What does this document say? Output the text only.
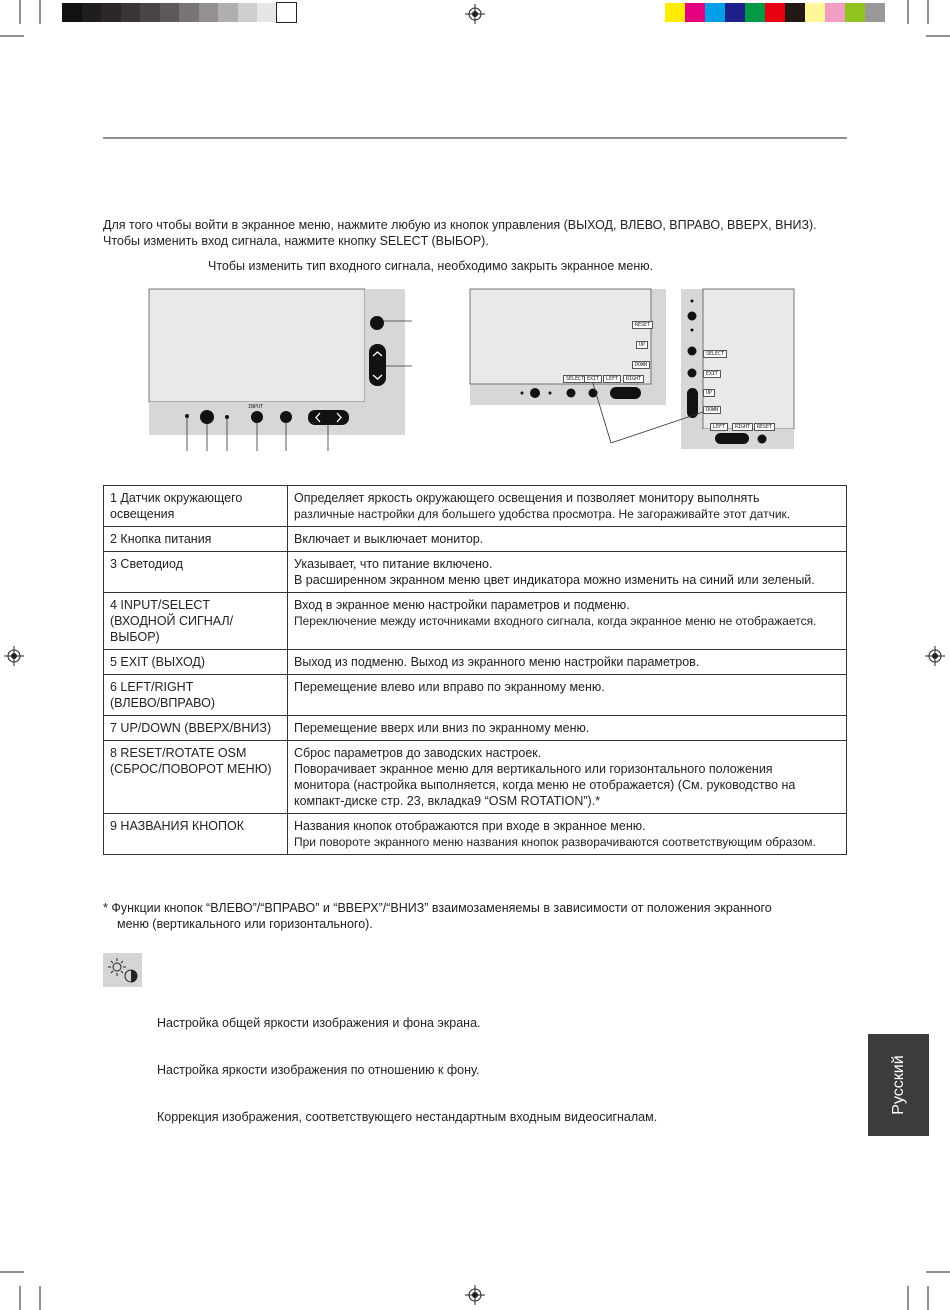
Для того чтобы войти в экранное меню, нажмите любую из кнопок управления (ВЫХОД, ВЛЕВО, ВПРАВО, ВВЕРХ, ВНИЗ).
Чтобы изменить вход сигнала, нажмите кнопку SELECT (ВЫБОР).
Чтобы изменить тип входного сигнала, необходимо закрыть экранное меню.
INPUT
RESET
UP
DOWN
SELECT EXIT	LEFT	RIGHT
SELECT
EXIT
UP
DOWN
LEFT	RIGHT	RESET
1 Датчик окружающего
освещения	Определяет яркость окружающего освещения и позволяет монитору выполнять
различные настройки для большего удобства просмотра. Не загораживайте этот датчик.

2 Кнопка питания	Включает и выключает монитор.

3 Светодиод	Указывает, что питание включено.
В расширенном экранном меню цвет индикатора можно изменить на синий или зеленый.

4 INPUT/SELECT
(ВХОДНОЙ СИГНАЛ/
ВЫБОР)	Вход в экранное меню настройки параметров и подменю.
Переключение между источниками входного сигнала, когда экранное меню не отображается.

5 EXIT (ВЫХОД)	Выход из подменю. Выход из экранного меню настройки параметров.

6 LEFT/RIGHT
(ВЛЕВО/ВПРАВО)	Перемещение влево или вправо по экранному меню.

7 UP/DOWN (ВВЕРХ/ВНИЗ)	Перемещение вверх или вниз по экранному меню.

8 RESET/ROTATE OSM
(СБРОС/ПОВОРОТ МЕНЮ)	Сброс параметров до заводских настроек.
Поворачивает экранное меню для вертикального или горизонтального положения
монитора (настройка выполняется, когда меню не отображается) (См. руководство на
компакт-диске стр. 23, вкладка9 “OSM ROTATION”).*

9 НАЗВАНИЯ КНОПОК	Названия кнопок отображаются при входе в экранное меню.
При повороте экранного меню названия кнопок разворачиваются соответствующим образом.
* Функции кнопок “ВЛЕВО”/“ВПРАВО” и “ВВЕРХ”/“ВНИЗ” взаимозаменяемы в зависимости от положения экранного
меню (вертикального или горизонтального).
Настройка общей яркости изображения и фона экрана.
Настройка яркости изображения по отношению к фону.
Коррекция изображения, соответствующего нестандартным входным видеосигналам.
Русский
